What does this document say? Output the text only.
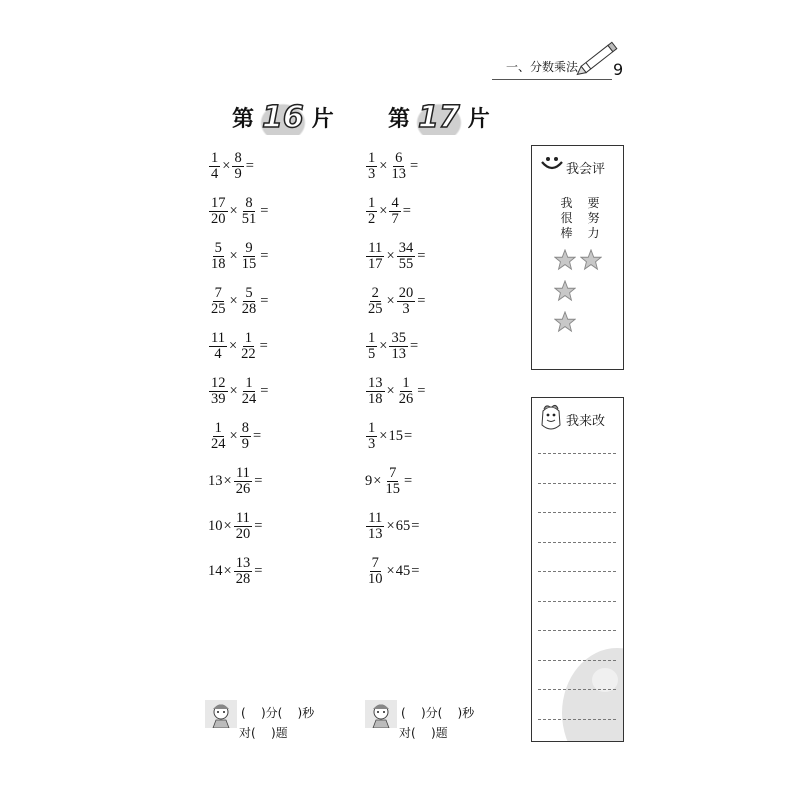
一、分数乘法 9
第 16 片 第 17 片
$\frac{1}{4} \times \frac{8}{9}$ =
$\frac{17}{20} \times \frac{8}{51}$ =
$\frac{5}{18} \times \frac{9}{15}$ =
$\frac{7}{25} \times \frac{5}{28}$ =
$\frac{11}{4} \times \frac{1}{22}$ =
$\frac{12}{39} \times \frac{1}{24}$ =
$\frac{1}{24} \times \frac{8}{9}$ =
$13 \times \frac{11}{26}$ =
$10 \times \frac{11}{20}$ =
$14 \times \frac{13}{28}$ =
$\frac{1}{3} \times \frac{6}{13}$ =
$\frac{1}{2} \times \frac{4}{7}$ =
$\frac{11}{17} \times \frac{34}{55}$ =
$\frac{2}{25} \times \frac{20}{3}$ =
$\frac{1}{5} \times \frac{35}{13}$ =
$\frac{13}{18} \times \frac{1}{26}$ =
$\frac{1}{3} \times 15$ =
$9 \times \frac{7}{15}$ =
$\frac{11}{13} \times 65$ =
$\frac{7}{10} \times 45$ =
(    )分(    )秒
对(    )题
(    )分(    )秒
对(    )题
我会评
我
很
棒
要
努
力
我来改
